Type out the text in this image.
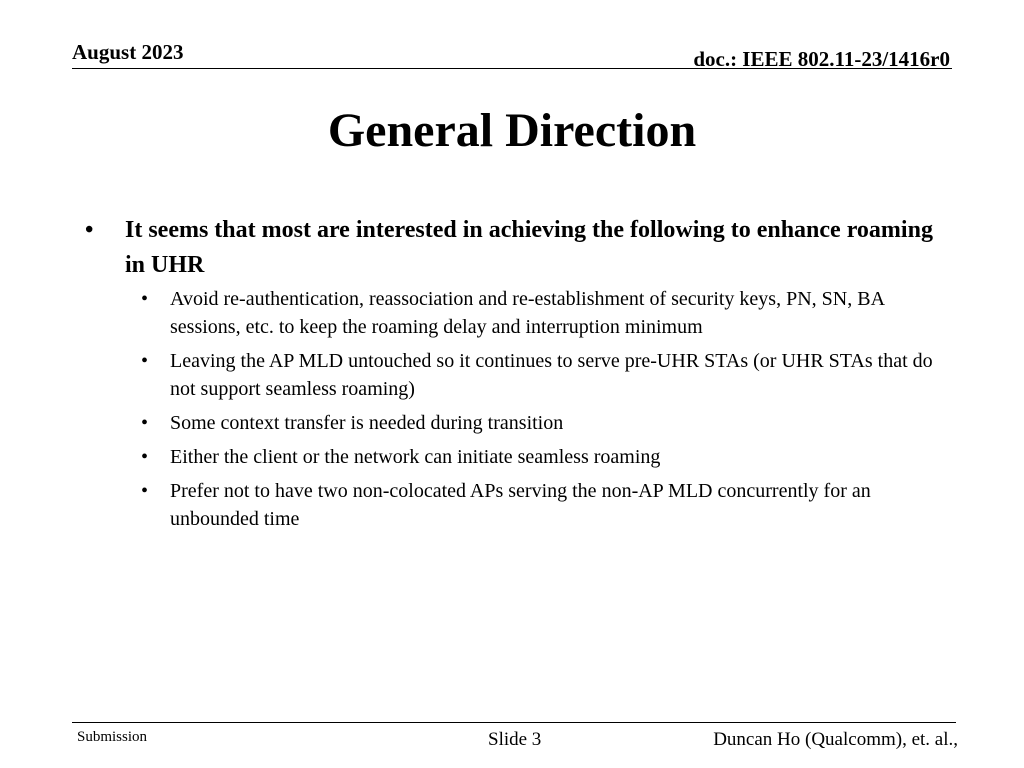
August 2023	doc.: IEEE 802.11-23/1416r0
General Direction
• It seems that most are interested in achieving the following to enhance roaming in UHR
• Avoid re-authentication, reassociation and re-establishment of security keys, PN, SN, BA sessions, etc. to keep the roaming delay and interruption minimum
• Leaving the AP MLD untouched so it continues to serve pre-UHR STAs (or UHR STAs that do not support seamless roaming)
• Some context transfer is needed during transition
• Either the client or the network can initiate seamless roaming
• Prefer not to have two non-colocated APs serving the non-AP MLD concurrently for an unbounded time
Submission	Slide 3	Duncan Ho (Qualcomm), et. al.,
